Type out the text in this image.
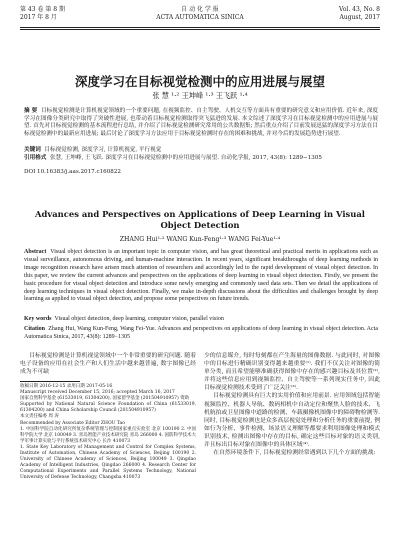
第 43 卷 第 8 期
2017 年 8 月
自 动 化 学 报
ACTA AUTOMATICA SINICA
Vol. 43, No. 8
August, 2017
深度学习在目标视觉检测中的应用进展与展望
张 慧 ¹·² 王坤峰 ¹·³ 王飞跃 ¹·⁴
摘 要 目标视觉检测是计算机视觉领域的一个重要问题, 在视频监控、自主驾驶、人机交互等方面具有重要的研究意义和应用价值. 近年来, 深度学习在图像分类研究中取得了突破性进展, 也带动着目标视觉检测取得突飞猛进的发展. 本文综述了深度学习在目标视觉检测中的应用进展与展望. 首先对目标视觉检测的基本流程进行总结, 并介绍了目标视觉检测研究常用的公共数据集; 然后重点介绍了目前发展迅猛的深度学习方法在目标视觉检测中的最新应用进展; 最后讨论了深度学习方法应用于目标视觉检测时存在的困难和挑战, 并对今后的发展趋势进行展望.
关键词 目标视觉检测, 深度学习, 计算机视觉, 平行视觉
引用格式 张慧, 王坤峰, 王飞跃. 深度学习在目标视觉检测中的应用进展与展望. 自动化学报, 2017, 43(8): 1289−1305
DOI 10.16383/j.aas.2017.c160822
Advances and Perspectives on Applications of Deep Learning in Visual Object Detection
ZHANG Hui¹·² WANG Kun-Feng¹·³ WANG Fei-Yue¹·⁴
Abstract Visual object detection is an important topic in computer vision, and has great theoretical and practical merits in applications such as visual surveillance, autonomous driving, and human-machine interaction. In recent years, significant breakthroughs of deep learning methods in image recognition research have arisen much attention of researchers and accordingly led to the rapid development of visual object detection. In this paper, we review the current advances and perspectives on the applications of deep learning in visual object detection. Firstly, we present the basic procedure for visual object detection and introduce some newly emerging and commonly used data sets. Then we detail the applications of deep learning techniques in visual object detection. Finally, we make in-depth discussions about the difficulties and challenges brought by deep learning as applied to visual object detection, and propose some perspectives on future trends.
Key words Visual object detection, deep learning, computer vision, parallel vision
Citation Zhang Hui, Wang Kun-Feng, Wang Fei-Yue. Advances and perspectives on applications of deep learning in visual object detection. Acta Automatica Sinica, 2017, 43(8): 1289−1305

目标视觉检测是计算机视觉领域中一个非常重要的研究问题. 随着电子设备的应用在社会生产和人们生活中越来越普遍, 数字图像已经成为不可缺

收稿日期 2016-12-15 录用日期 2017-05-16

Manuscript received December 15, 2016; accepted March 16, 2017

国家自然科学基金 (61533019, 61304200), 国家留学基金 (201504910957) 资助

Supported by National Natural Science Foundation of China (61533019, 61304200) and China Scholarship Council (201504910957)

本文责任编委 周 涛

Recommended by Associate Editor ZHOU Tao

1. 中国科学院自动化研究所复杂系统管理与控制国家重点实验室 北京 100190 2. 中国科学院大学 北京 100049 3. 青岛智能产业技术研究院 青岛 266000 4. 国防科学技术大学军事计算实验与平行系统技术研究中心 长沙 410073

1. State Key Laboratory of Management and Control for Complex Systems, Institute of Automation, Chinese Academy of Sciences, Beijing 100190 2. University of Chinese Academy of Sciences, Beijing 100049 3. Qingdao Academy of Intelligent Industries, Qingdao 266000 4. Research Center for Computational Experiments and Parallel Systems Technology, National University of Defense Technology, Changsha 410073

少的信息媒介, 每时每刻都在产生海量的图像数据. 与此同时, 对图像中的目标进行精确识别变得越来越重要⁽¹⁾. 我们不仅关注对图像的简单分类, 而且希望能够准确获得图像中存在的感兴趣目标及其位置⁽²⁾, 并将这些信息应用到视频监控、自主驾驶等一系列现实任务中, 因此目标视觉检测技术受到了广泛关注⁽³⁾.

目标视觉检测具有巨大的实用价值和应用前景. 应用领域包括智能视频监控、机器人导航、数码相机中自动定位和聚焦人脸的技术、飞机航拍或卫星图像中道路的检测、车载摄像机图像中的障碍物检测等. 同时, 目标视觉检测也是众多高层视觉处理和分析任务的重要前提, 例如行为分析、事件检测、场景语义理解等都要求利用图像处理和模式识别技术, 检测出图像中存在的目标, 确定这些目标对象的语义类别, 并且标出目标对象在图像中的具体区域⁽⁴⁾.

在自然环境条件下, 目标视觉检测经常遇到以下几个方面的挑战:
